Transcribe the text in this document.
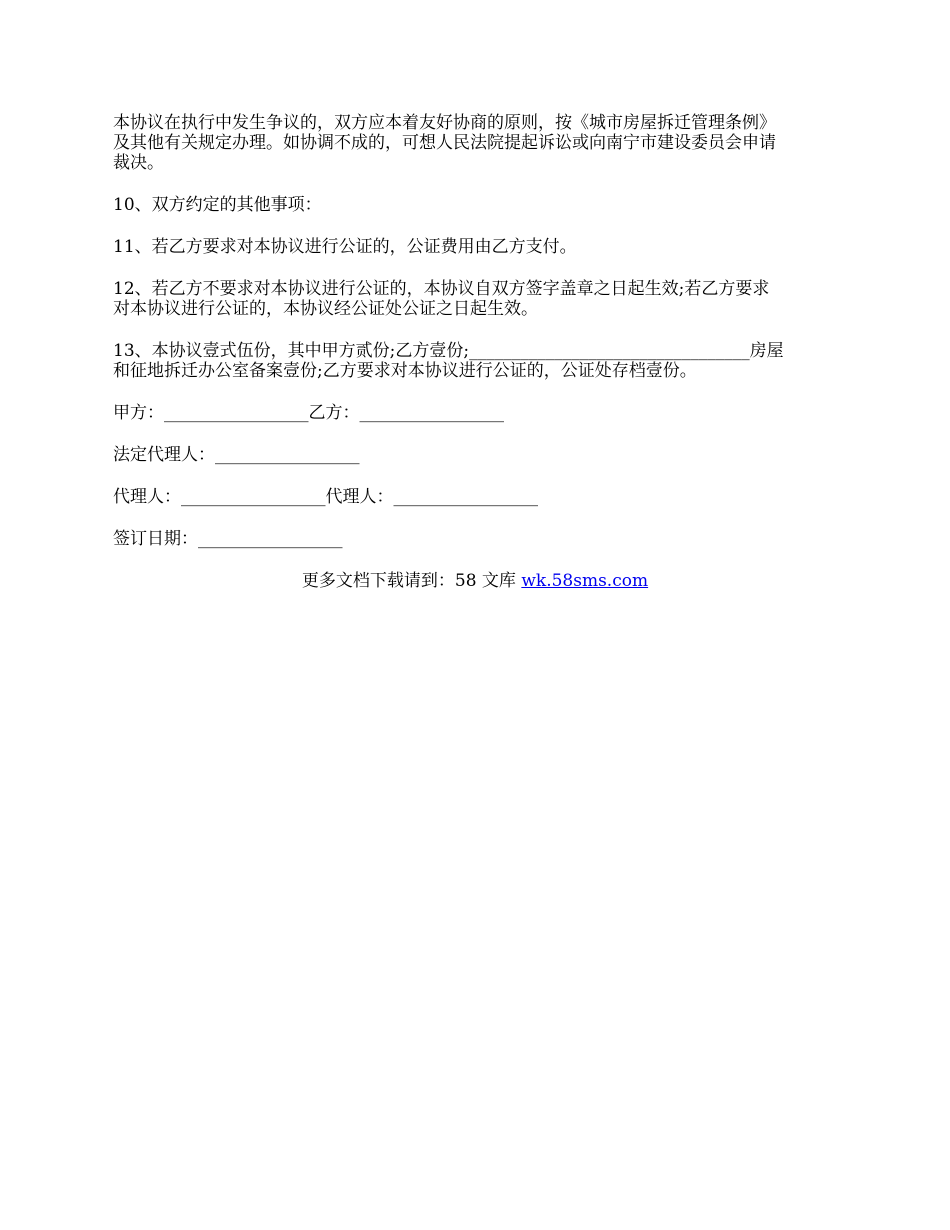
本协议在执行中发生争议的，双方应本着友好协商的原则，按《城市房屋拆迁管理条例》
及其他有关规定办理。如协调不成的，可想人民法院提起诉讼或向南宁市建设委员会申请
裁决。

10、双方约定的其他事项：

11、若乙方要求对本协议进行公证的，公证费用由乙方支付。

12、若乙方不要求对本协议进行公证的，本协议自双方签字盖章之日起生效;若乙方要求
对本协议进行公证的，本协议经公证处公证之日起生效。

13、本协议壹式伍份，其中甲方贰份;乙方壹份;_________________________________房屋
和征地拆迁办公室备案壹份;乙方要求对本协议进行公证的，公证处存档壹份。

甲方：_________________乙方：_________________

法定代理人：_________________

代理人：_________________代理人：_________________

签订日期：_________________

更多文档下载请到：58 文库 wk.58sms.com
